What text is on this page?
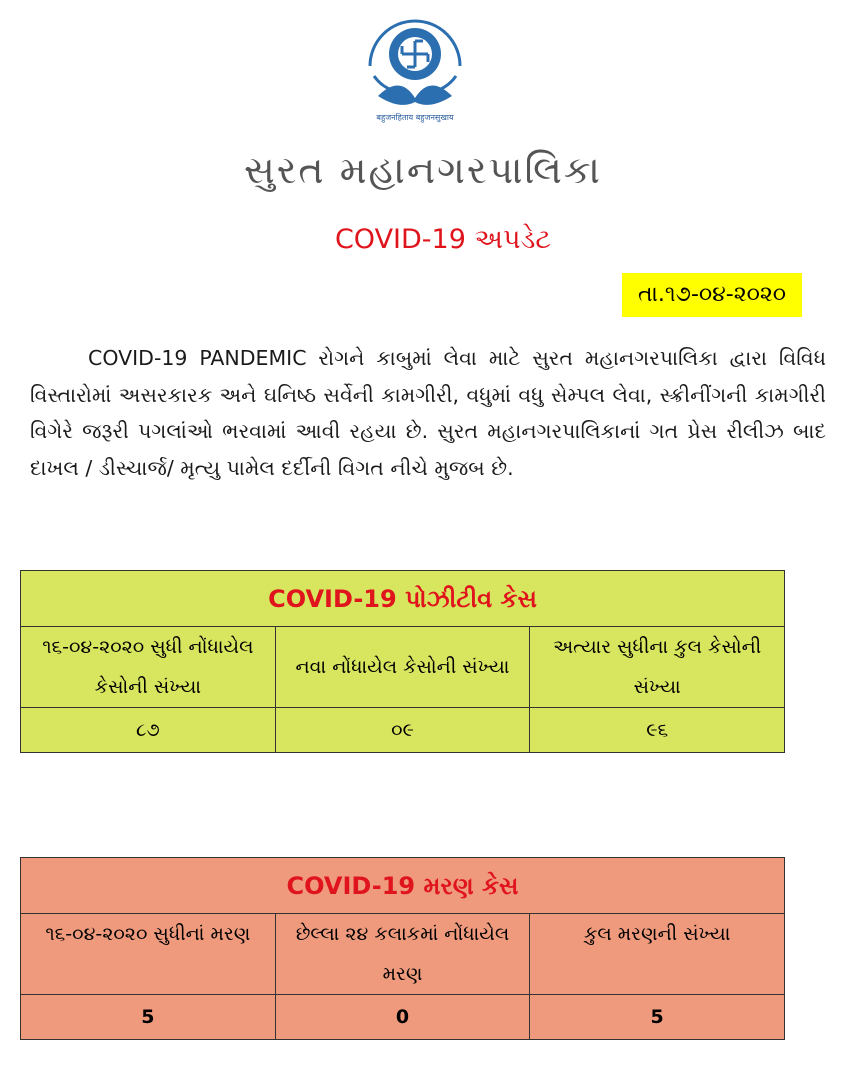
बहुजनहिताय बहुजनसुखाय
સુરત મહાનગરપાલિકા
COVID-19 અપડેટ
તા.૧૭-૦૪-૨૦૨૦
COVID-19 PANDEMIC રોગને કાબુમાં લેવા માટે સુરત મહાનગરપાલિકા દ્વારા વિવિધ વિસ્તારોમાં અસરકારક અને ઘનિષ્ઠ સર્વેની કામગીરી, વધુમાં વધુ સેમ્પલ લેવા, સ્ક્રીનીંગની કામગીરી વિગેરે જરૂરી પગલાંઓ ભરવામાં આવી રહયા છે. સુરત મહાનગરપાલિકાનાં ગત પ્રેસ રીલીઝ બાદ દાખલ / ડીસ્ચાર્જ/ મૃત્યુ પામેલ દર્દીની વિગત નીચે મુજબ છે.
COVID-19 પોઝીટીવ કેસ		
૧૬-૦૪-૨૦૨૦ સુધી નોંધાયેલ કેસોની સંખ્યા	નવા નોંધાયેલ કેસોની સંખ્યા	અત્યાર સુધીના કુલ કેસોની સંખ્યા
૮૭	૦૯	૯૬
COVID-19 મરણ કેસ		
૧૬-૦૪-૨૦૨૦ સુધીનાં મરણ	છેલ્લા ૨૪ કલાકમાં નોંધાયેલ મરણ	કુલ મરણની સંખ્યા
5	0	5
